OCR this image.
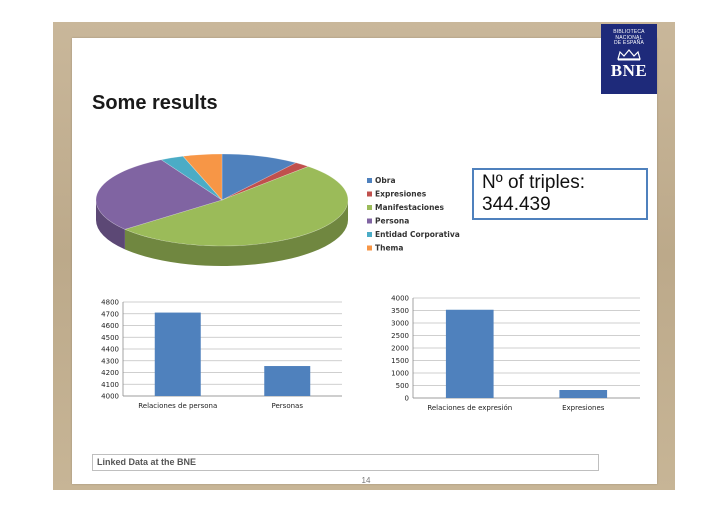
BIBLIOTECA
NACIONAL
DE ESPAÑA
BNE
Some results
Obra
Expresiones
Manifestaciones
Persona
Entidad Corporativa
Thema
Nº of triples:
344.439
4000
4100
4200
4300
4400
4500
4600
4700
4800
Relaciones de persona	Personas
0
500
1000
1500
2000
2500
3000
3500
4000
Relaciones de expresión	Expresiones
Linked Data at the BNE
14
